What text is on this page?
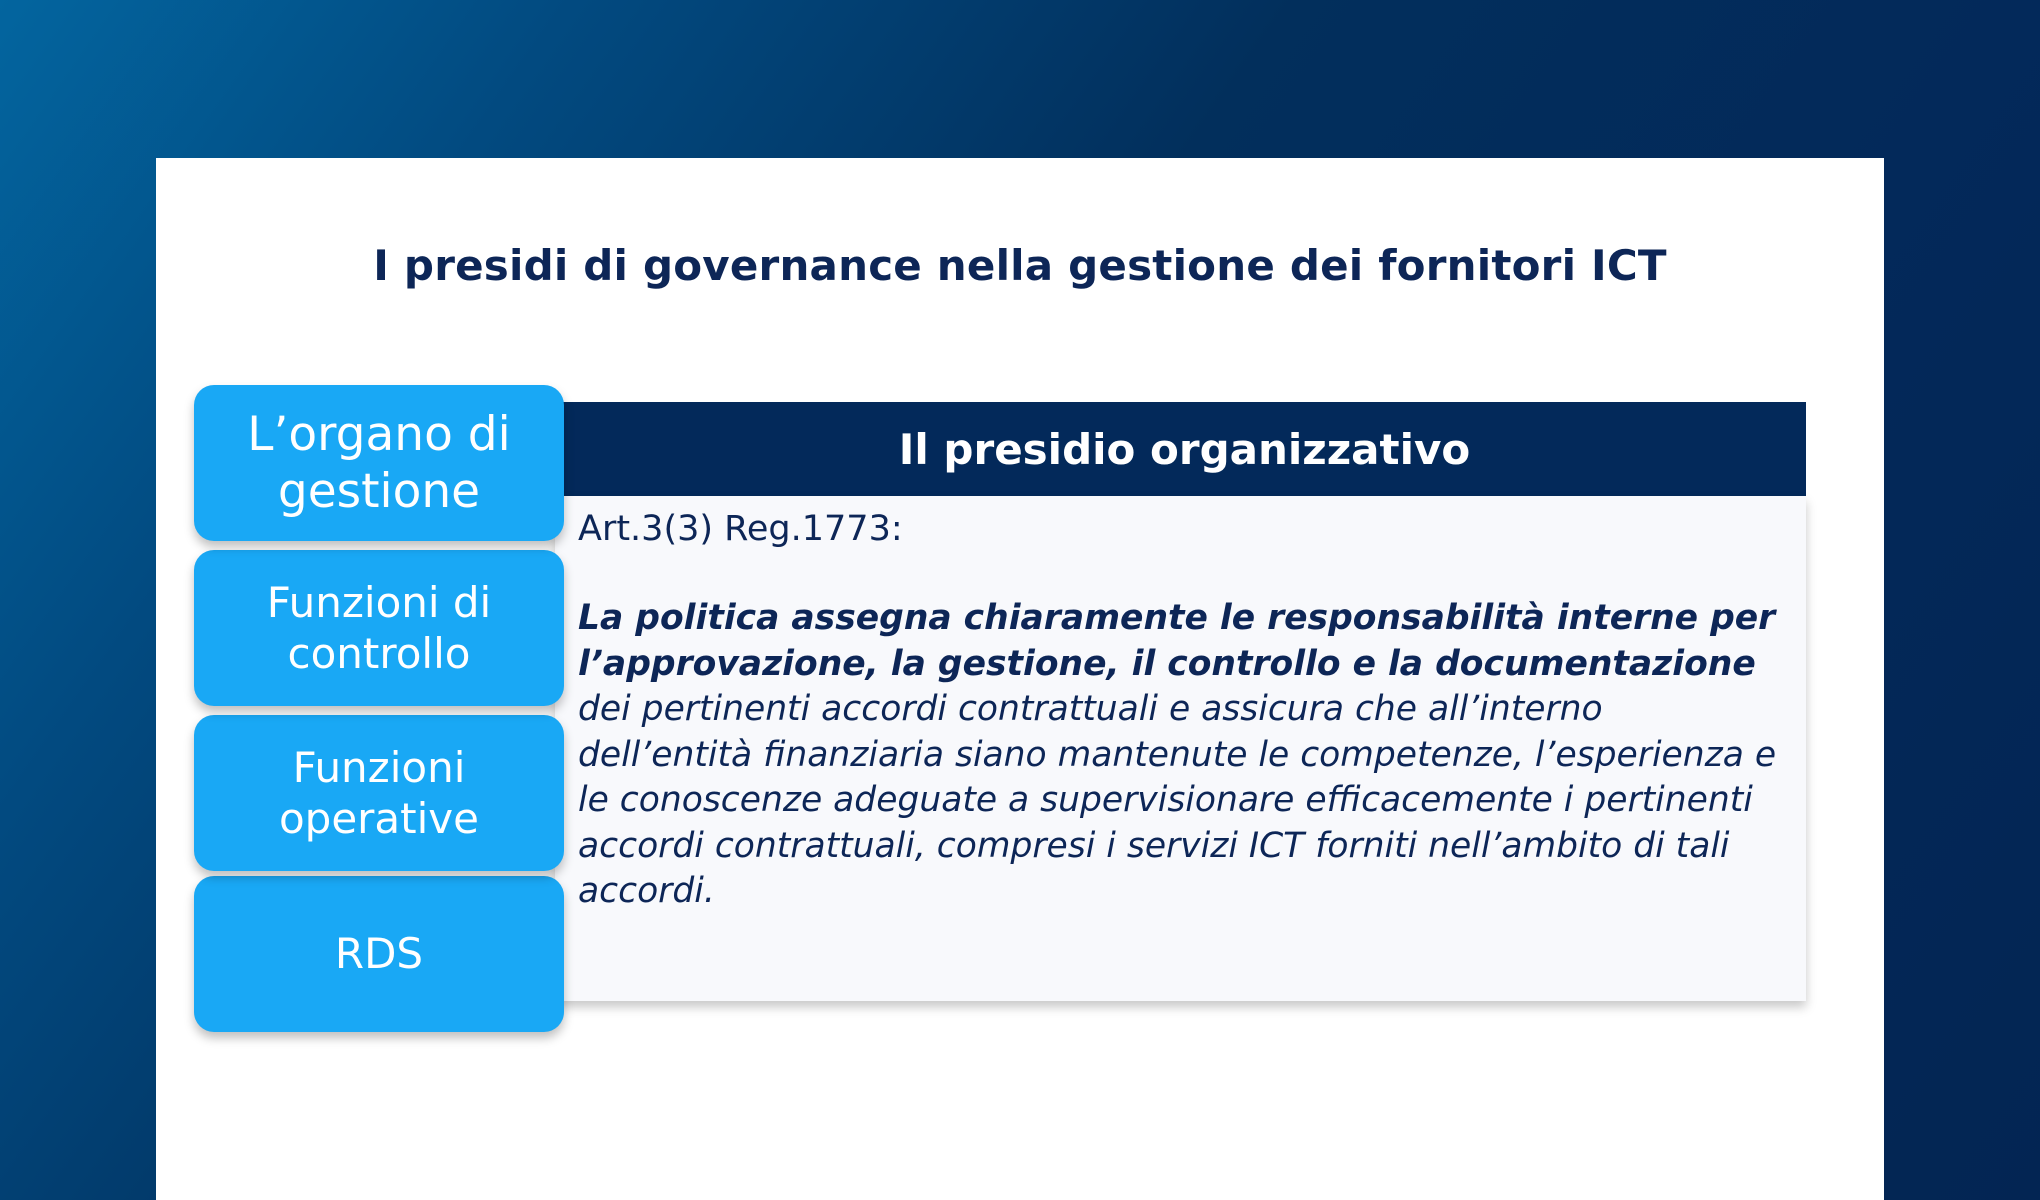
I presidi di governance nella gestione dei fornitori ICT
L’organo di
gestione
Funzioni di
controllo
Funzioni
operative
RDS
Il presidio organizzativo

Art.3(3) Reg.1773:

La politica assegna chiaramente le responsabilità interne per l’approvazione, la gestione, il controllo e la documentazione dei pertinenti accordi contrattuali e assicura che all’interno dell’entità finanziaria siano mantenute le competenze, l’esperienza e le conoscenze adeguate a supervisionare efficacemente i pertinenti accordi contrattuali, compresi i servizi ICT forniti nell’ambito di tali accordi.
